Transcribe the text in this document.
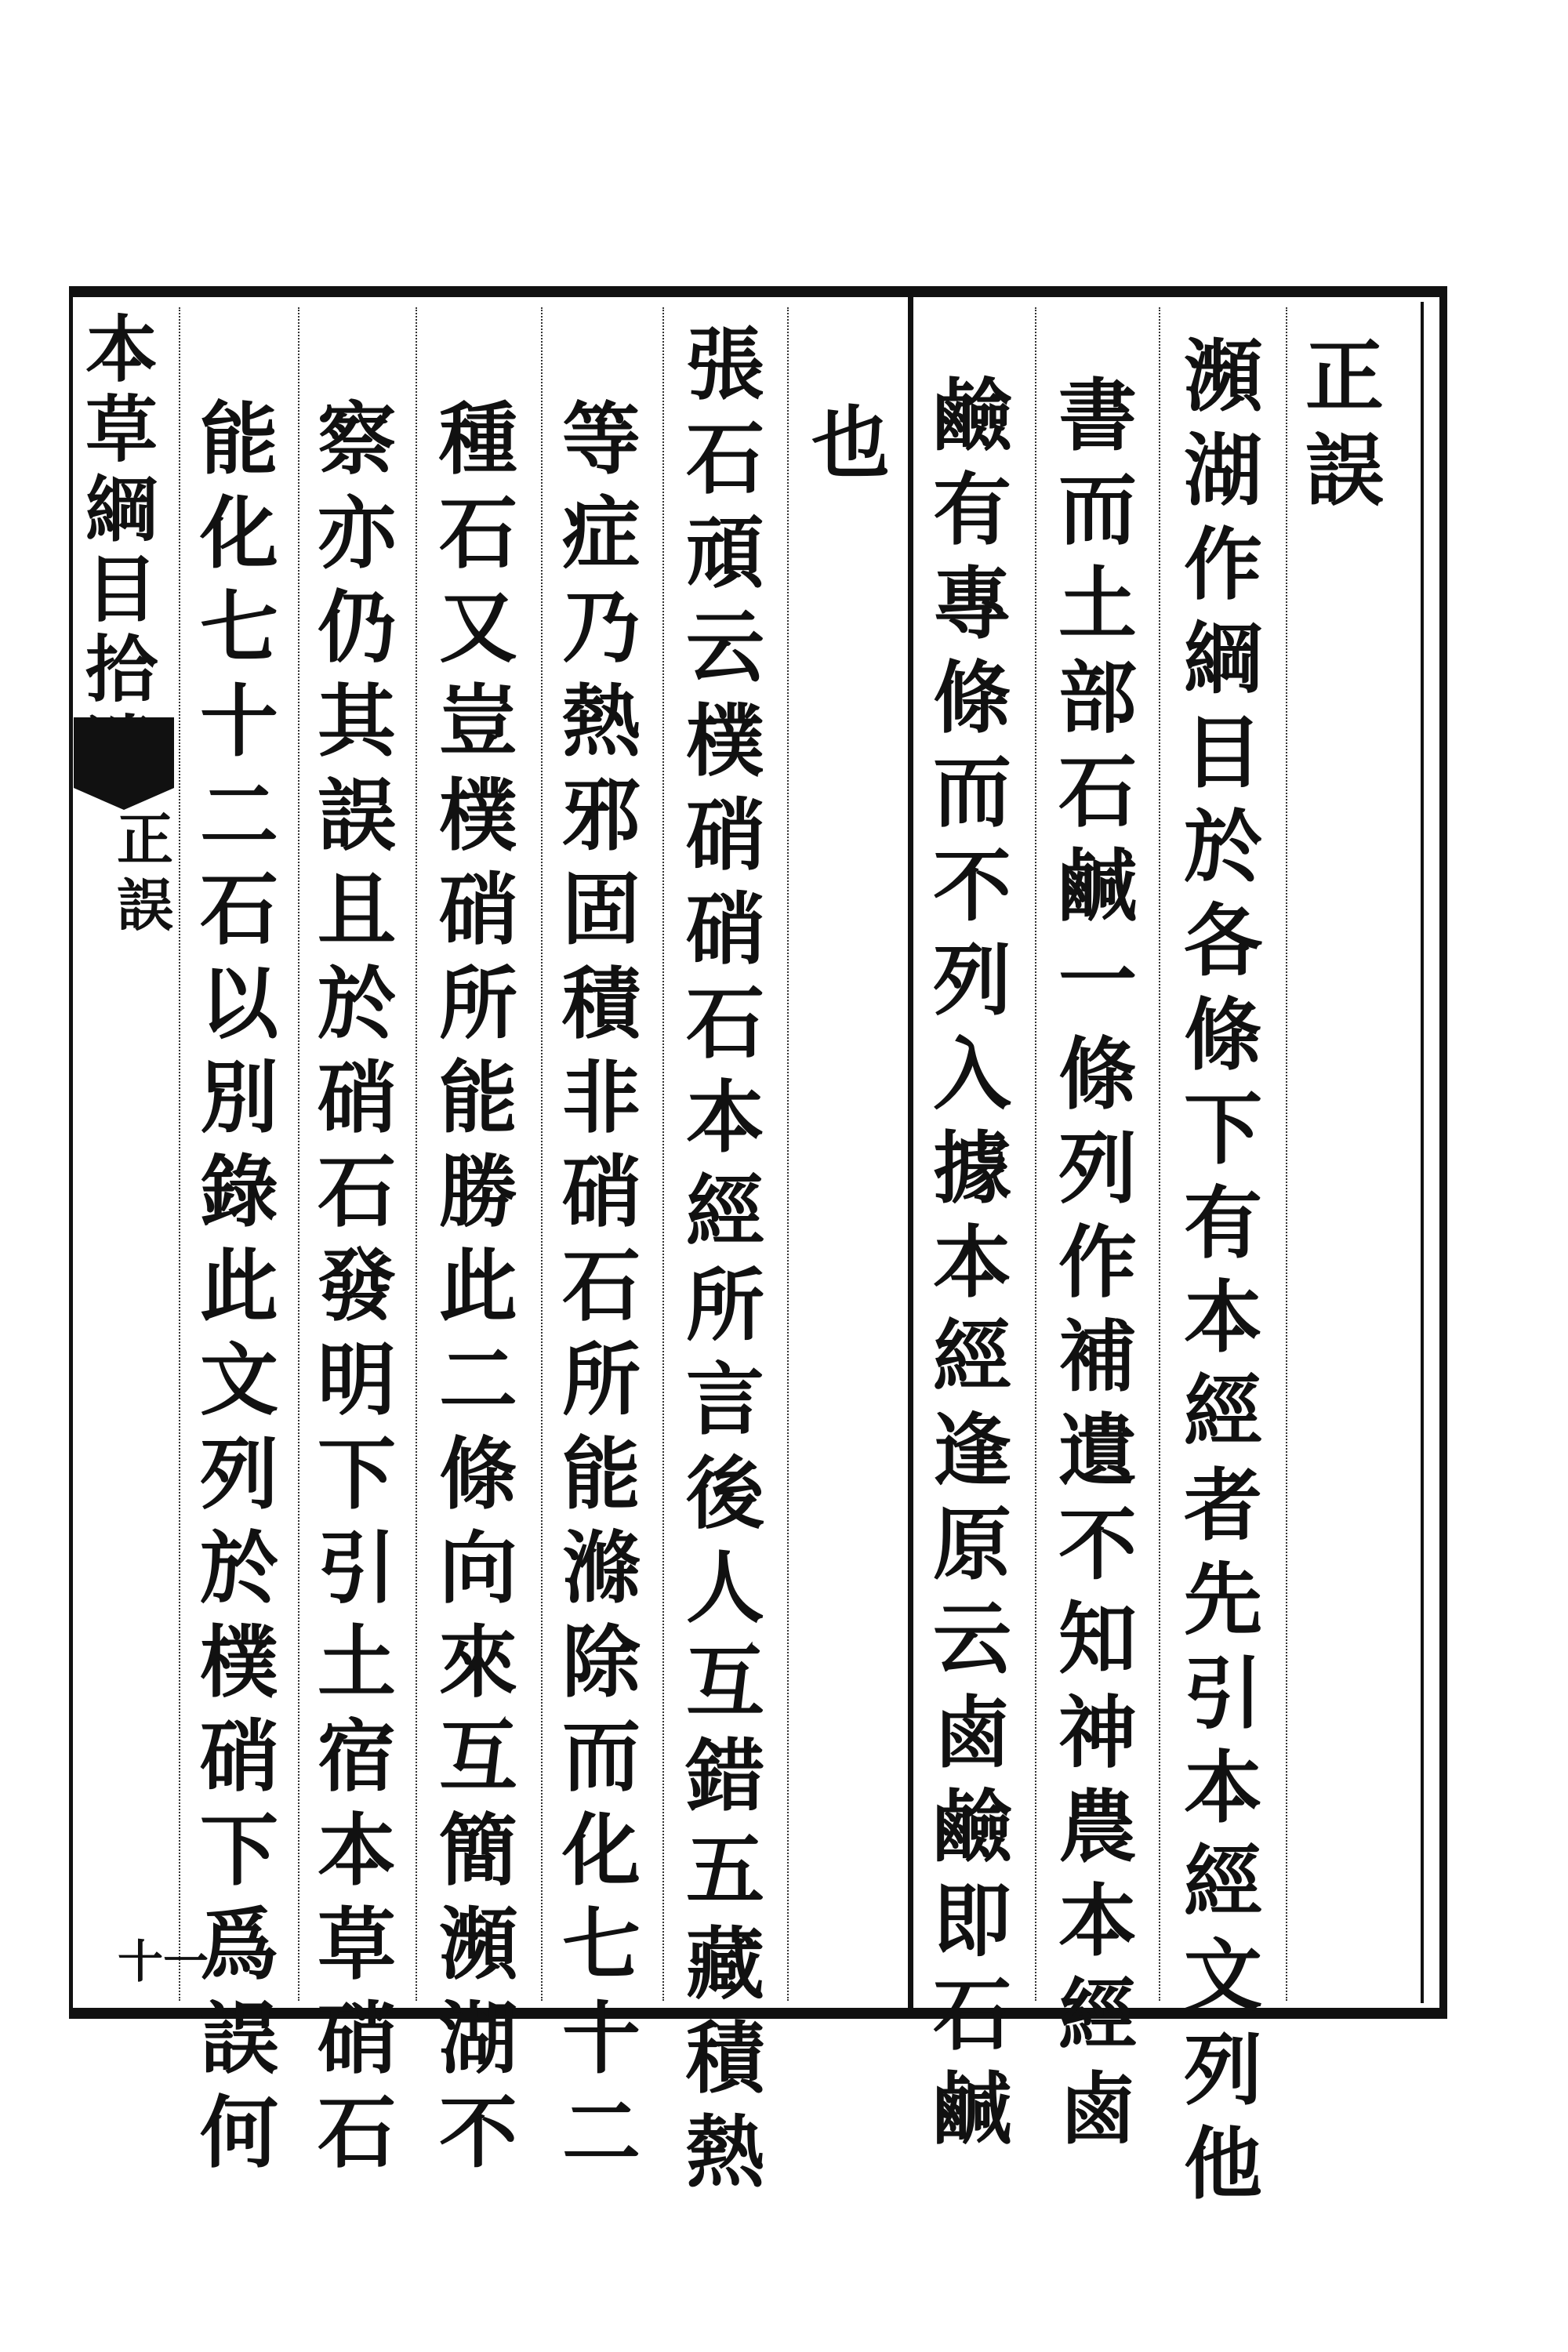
本
草
綱
目
拾
正
誤
十一
正
誤
瀕
湖
作
綱
目
於
各
條
下
有
本
經
者
先
引
本
經
文
列
他
書
而
土
部
石
鹹
一
條
列
作
補
遺
不
知
神
農
本
經
鹵
鹼
有
專
條
而
不
列
入
據
本
經
逢
原
云
鹵
鹼
即
石
鹹
也
張
石
頑
云
樸
硝
硝
石
本
經
所
言
後
人
互
錯
五
藏
積
熱
等
症
乃
熱
邪
固
積
非
硝
石
所
能
滌
除
而
化
七
十
二
種
石
又
豈
樸
硝
所
能
勝
此
二
條
向
來
互
簡
瀕
湖
不
察
亦
仍
其
誤
且
於
硝
石
發
明
下
引
土
宿
本
草
硝
石
能
化
七
十
二
石
以
別
錄
此
文
列
於
樸
硝
下
爲
誤
何
